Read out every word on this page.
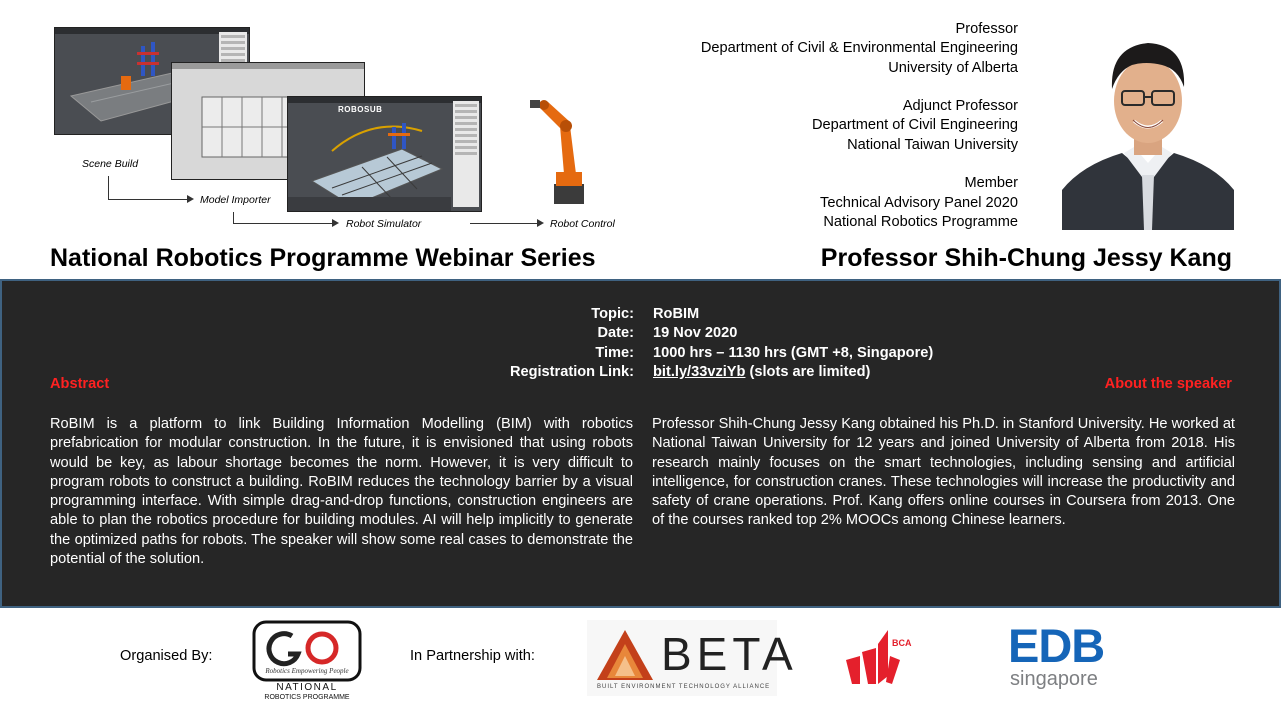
ROBOSUB
Scene Build
Model Importer
Robot Simulator	Robot Control
National Robotics Programme Webinar Series
Professor
Department of Civil & Environmental Engineering
University of Alberta
Adjunct Professor
Department of Civil Engineering
National Taiwan University
Member
Technical Advisory Panel 2020
National Robotics Programme
Professor Shih-Chung Jessy Kang
Topic: RoBIM
Date: 19 Nov 2020
Time: 1000 hrs – 1130 hrs (GMT +8, Singapore)
Registration Link: bit.ly/33vziYb (slots are limited)
Abstract	About the speaker
RoBIM is a platform to link Building Information Modelling (BIM) with robotics prefabrication for modular construction. In the future, it is envisioned that using robots would be key, as labour shortage becomes the norm. However, it is very difficult to program robots to construct a building. RoBIM reduces the technology barrier by a visual programming interface. With simple drag-and-drop functions, construction engineers are able to plan the robotics procedure for building modules. AI will help implicitly to generate the optimized paths for robots. The speaker will show some real cases to demonstrate the potential of the solution.
Professor Shih-Chung Jessy Kang obtained his Ph.D. in Stanford University. He worked at National Taiwan University for 12 years and joined University of Alberta from 2018. His research mainly focuses on the smart technologies, including sensing and artificial intelligence, for construction cranes. These technologies will increase the productivity and safety of crane operations. Prof. Kang offers online courses in Coursera from 2013. One of the courses ranked top 2% MOOCs among Chinese learners.
Organised By:
Robotics Empowering People
NATIONAL
ROBOTICS PROGRAMME
In Partnership with:	BETA
BUILT ENVIRONMENT TECHNOLOGY ALLIANCE
BCA EDB
singapore
